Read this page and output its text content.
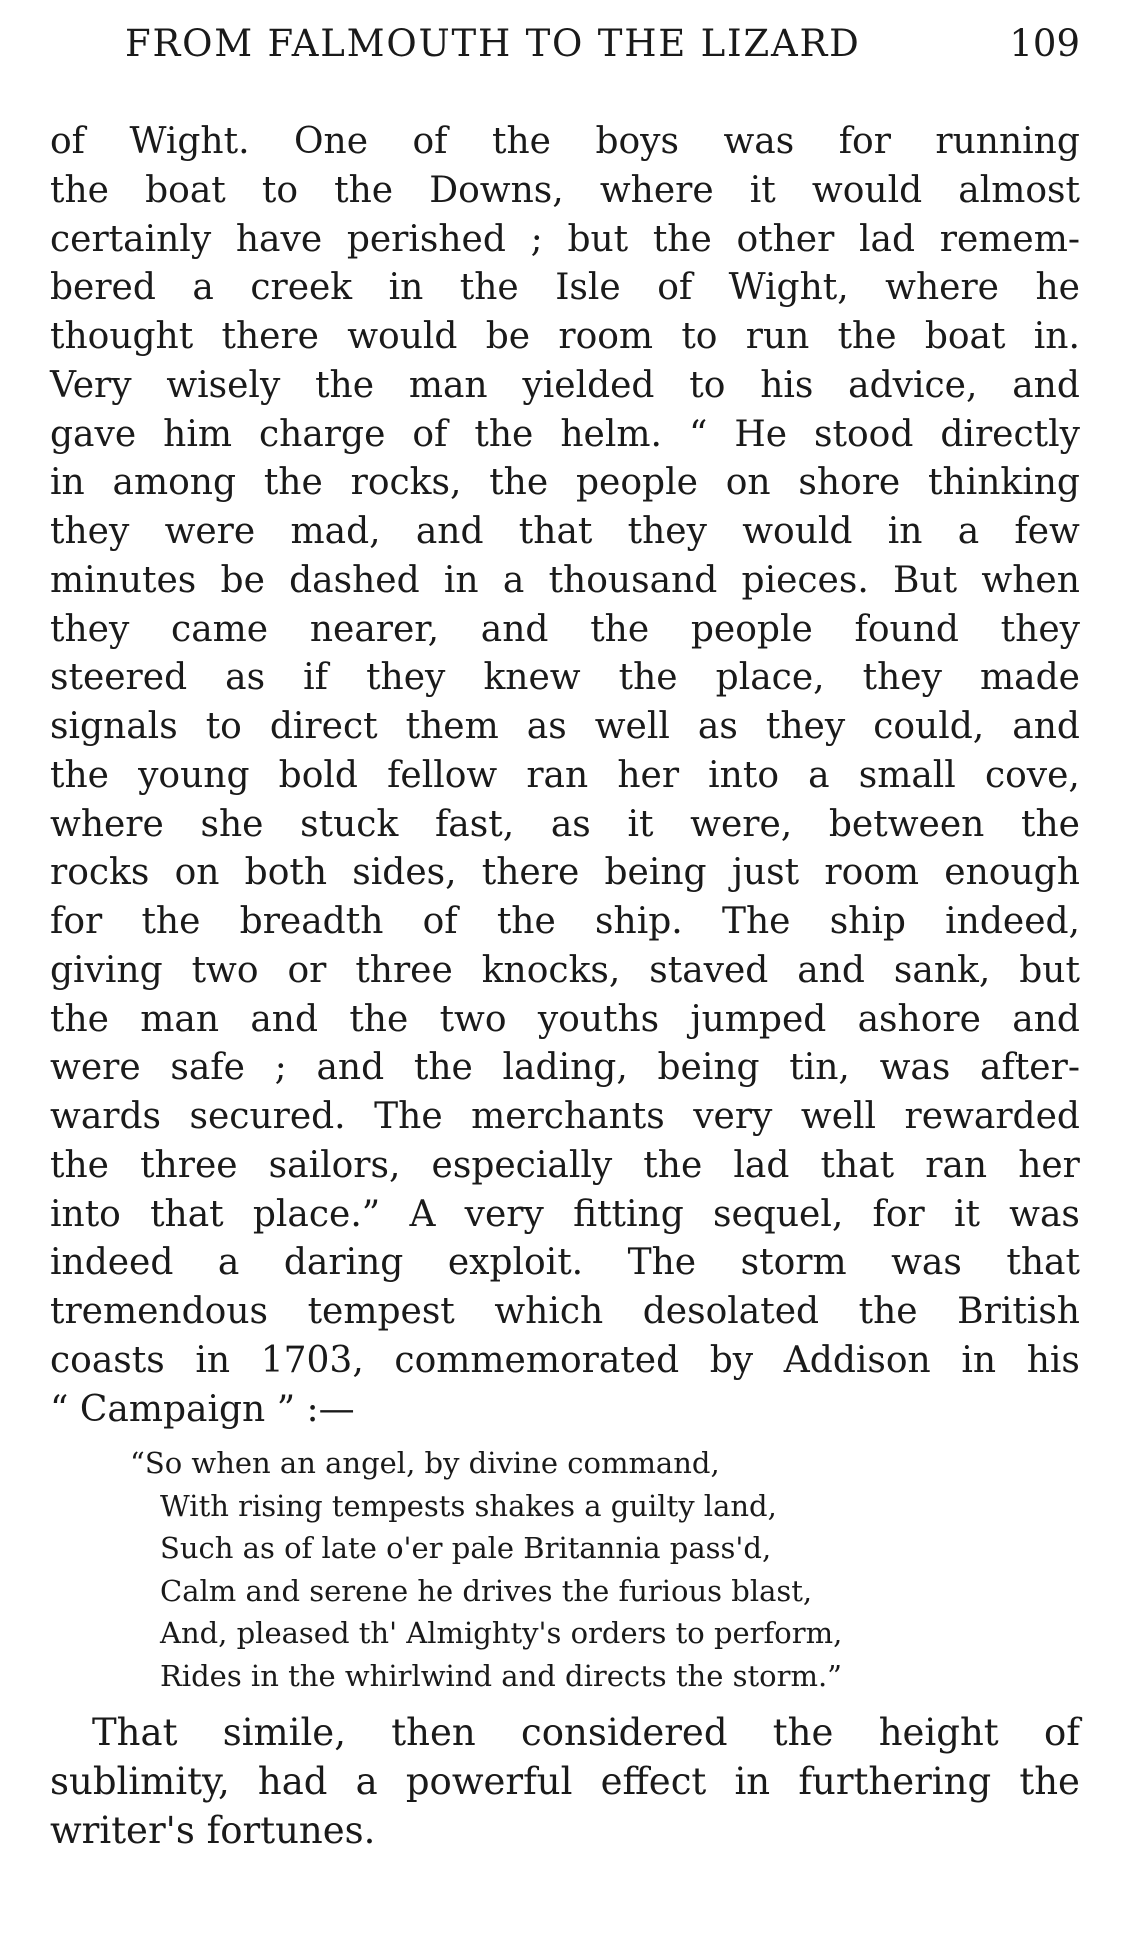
FROM FALMOUTH TO THE LIZARD	109
of Wight. One of the boys was for running
the boat to the Downs, where it would almost
certainly have perished ; but the other lad remem-
bered a creek in the Isle of Wight, where he
thought there would be room to run the boat in.
Very wisely the man yielded to his advice, and
gave him charge of the helm. “ He stood directly
in among the rocks, the people on shore thinking
they were mad, and that they would in a few
minutes be dashed in a thousand pieces. But when
they came nearer, and the people found they
steered as if they knew the place, they made
signals to direct them as well as they could, and
the young bold fellow ran her into a small cove,
where she stuck fast, as it were, between the
rocks on both sides, there being just room enough
for the breadth of the ship. The ship indeed,
giving two or three knocks, staved and sank, but
the man and the two youths jumped ashore and
were safe ; and the lading, being tin, was after-
wards secured. The merchants very well rewarded
the three sailors, especially the lad that ran her
into that place.” A very fitting sequel, for it was
indeed a daring exploit. The storm was that
tremendous tempest which desolated the British
coasts in 1703, commemorated by Addison in his
“ Campaign ” :—
“So when an angel, by divine command,
With rising tempests shakes a guilty land,
Such as of late o'er pale Britannia pass'd,
Calm and serene he drives the furious blast,
And, pleased th' Almighty's orders to perform,
Rides in the whirlwind and directs the storm.”
That simile, then considered the height of
sublimity, had a powerful effect in furthering the
writer's fortunes.
